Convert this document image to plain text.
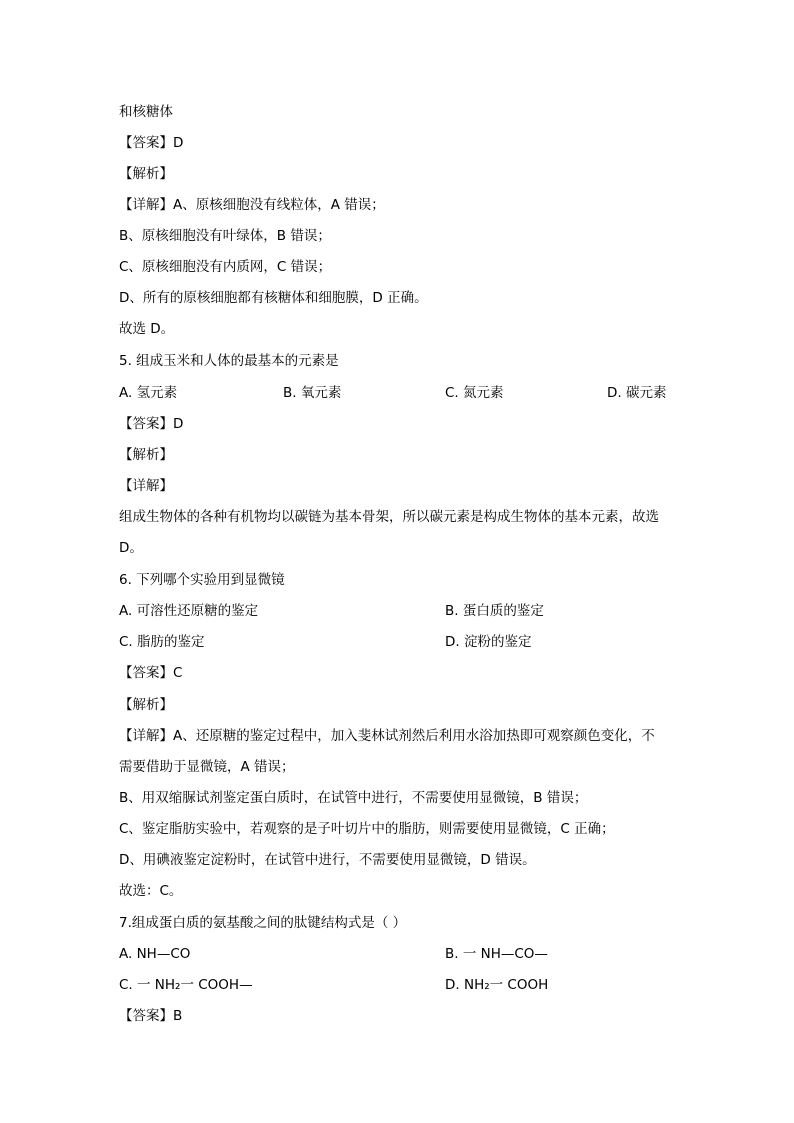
和核糖体
【答案】D
【解析】
【详解】A、原核细胞没有线粒体，A 错误；
B、原核细胞没有叶绿体，B 错误；
C、原核细胞没有内质网，C 错误；
D、所有的原核细胞都有核糖体和细胞膜，D 正确。
故选 D。
5. 组成玉米和人体的最基本的元素是
A. 氢元素	B. 氧元素	C. 氮元素	D. 碳元素
【答案】D
【解析】
【详解】
组成生物体的各种有机物均以碳链为基本骨架，所以碳元素是构成生物体的基本元素，故选
D。
6. 下列哪个实验用到显微镜
A. 可溶性还原糖的鉴定	B. 蛋白质的鉴定
C. 脂肪的鉴定	D. 淀粉的鉴定
【答案】C
【解析】
【详解】A、还原糖的鉴定过程中，加入斐林试剂然后利用水浴加热即可观察颜色变化，不
需要借助于显微镜，A 错误；
B、用双缩脲试剂鉴定蛋白质时，在试管中进行，不需要使用显微镜，B 错误；
C、鉴定脂肪实验中，若观察的是子叶切片中的脂肪，则需要使用显微镜，C 正确；
D、用碘液鉴定淀粉时，在试管中进行，不需要使用显微镜，D 错误。
故选：C。
7.组成蛋白质的氨基酸之间的肽键结构式是（ ）
A. NH—CO	B. 一 NH—CO—
C. 一 NH₂一 COOH—	D. NH₂一 COOH
【答案】B
